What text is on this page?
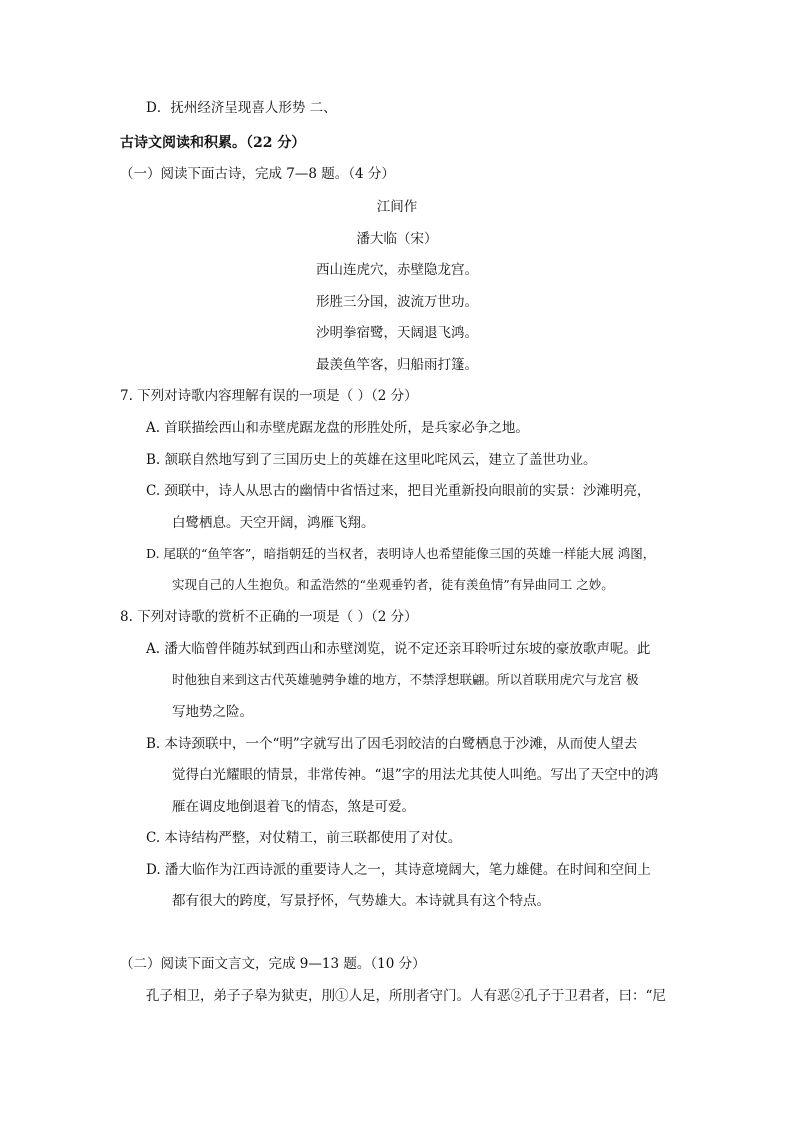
D．抚州经济呈现喜人形势 二、
古诗文阅读和积累。（22 分）
（一）阅读下面古诗，完成 7—8 题。（4 分）
江间作
潘大临（宋）
西山连虎穴，赤壁隐龙宫。
形胜三分国，波流万世功。
沙明拳宿鹭，天阔退飞鸿。
最羡鱼竿客，归船雨打篷。
7. 下列对诗歌内容理解有误的一项是（ ）（2 分）
A. 首联描绘西山和赤壁虎踞龙盘的形胜处所，是兵家必争之地。
B. 颔联自然地写到了三国历史上的英雄在这里叱咤风云，建立了盖世功业。
C. 颈联中，诗人从思古的幽情中省悟过来，把目光重新投向眼前的实景：沙滩明亮，
白鹭栖息。天空开阔，鸿雁飞翔。
D. 尾联的“鱼竿客”，暗指朝廷的当权者，表明诗人也希望能像三国的英雄一样能大展 鸿图，
实现自己的人生抱负。和孟浩然的“坐观垂钓者，徒有羡鱼情”有异曲同工 之妙。
8. 下列对诗歌的赏析不正确的一项是（ ）（2 分）
A. 潘大临曾伴随苏轼到西山和赤壁浏览，说不定还亲耳聆听过东坡的豪放歌声呢。此
时他独自来到这古代英雄驰骋争雄的地方，不禁浮想联翩。所以首联用虎穴与龙宫 极
写地势之险。
B. 本诗颈联中，一个“明”字就写出了因毛羽皎洁的白鹭栖息于沙滩，从而使人望去
觉得白光耀眼的情景，非常传神。“退”字的用法尤其使人叫绝。写出了天空中的鸿
雁在调皮地倒退着飞的情态，煞是可爱。
C. 本诗结构严整，对仗精工，前三联都使用了对仗。
D. 潘大临作为江西诗派的重要诗人之一，其诗意境阔大，笔力雄健。在时间和空间上
都有很大的跨度，写景抒怀，气势雄大。本诗就具有这个特点。
（二）阅读下面文言文，完成 9—13 题。（10 分）
孔子相卫，弟子子皋为狱吏，刖①人足，所刖者守门。人有恶②孔子于卫君者，曰：“尼
